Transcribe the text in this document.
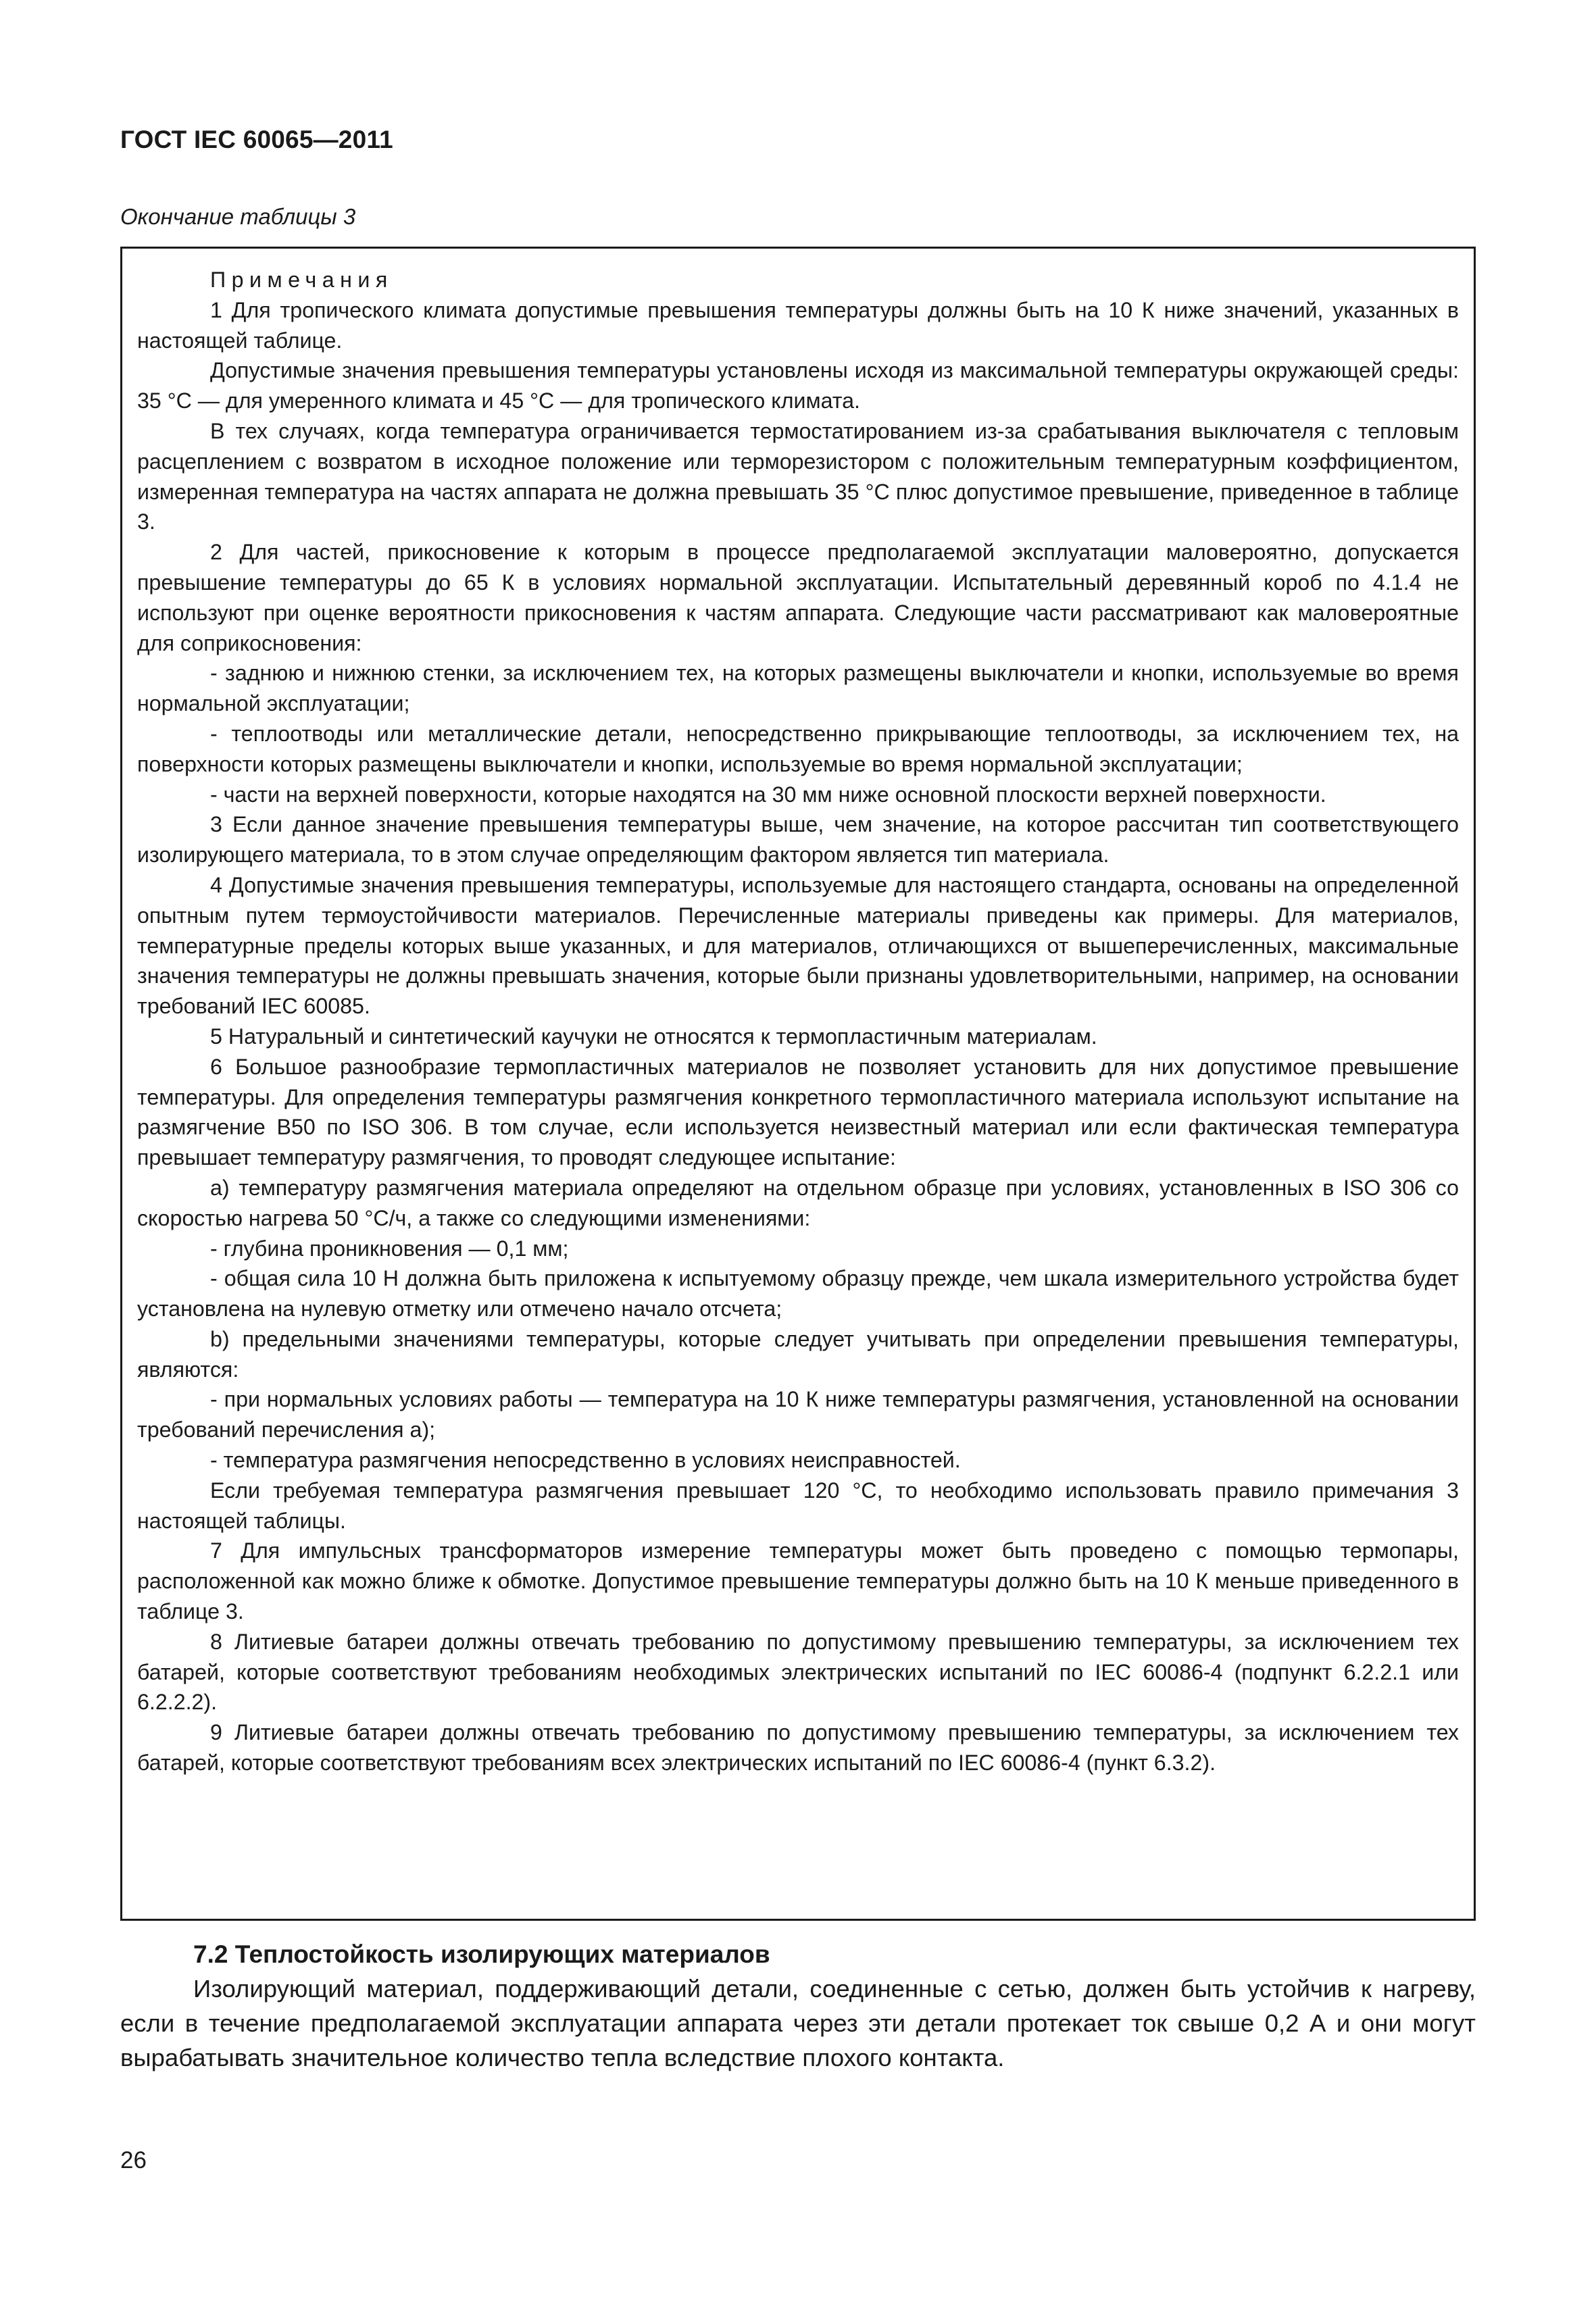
ГОСТ IEC 60065—2011
Окончание таблицы 3

Примечания

1 Для тропического климата допустимые превышения температуры должны быть на 10 К ниже значений, указанных в настоящей таблице.

Допустимые значения превышения температуры установлены исходя из максимальной температуры окружающей среды: 35 °С — для умеренного климата и 45 °С — для тропического климата.

В тех случаях, когда температура ограничивается термостатированием из-за срабатывания выключателя с тепловым расцеплением с возвратом в исходное положение или терморезистором с положительным температурным коэффициентом, измеренная температура на частях аппарата не должна превышать 35 °С плюс допустимое превышение, приведенное в таблице 3.

2 Для частей, прикосновение к которым в процессе предполагаемой эксплуатации маловероятно, допускается превышение температуры до 65 К в условиях нормальной эксплуатации. Испытательный деревянный короб по 4.1.4 не используют при оценке вероятности прикосновения к частям аппарата. Следующие части рассматривают как маловероятные для соприкосновения:

- заднюю и нижнюю стенки, за исключением тех, на которых размещены выключатели и кнопки, используемые во время нормальной эксплуатации;

- теплоотводы или металлические детали, непосредственно прикрывающие теплоотводы, за исключением тех, на поверхности которых размещены выключатели и кнопки, используемые во время нормальной эксплуатации;

- части на верхней поверхности, которые находятся на 30 мм ниже основной плоскости верхней поверхности.

3 Если данное значение превышения температуры выше, чем значение, на которое рассчитан тип соответствующего изолирующего материала, то в этом случае определяющим фактором является тип материала.

4 Допустимые значения превышения температуры, используемые для настоящего стандарта, основаны на определенной опытным путем термоустойчивости материалов. Перечисленные материалы приведены как примеры. Для материалов, температурные пределы которых выше указанных, и для материалов, отличающихся от вышеперечисленных, максимальные значения температуры не должны превышать значения, которые были признаны удовлетворительными, например, на основании требований IEC 60085.

5 Натуральный и синтетический каучуки не относятся к термопластичным материалам.

6 Большое разнообразие термопластичных материалов не позволяет установить для них допустимое превышение температуры. Для определения температуры размягчения конкретного термопластичного материала используют испытание на размягчение В50 по ISO 306. В том случае, если используется неизвестный материал или если фактическая температура превышает температуру размягчения, то проводят следующее испытание:

a) температуру размягчения материала определяют на отдельном образце при условиях, установленных в ISO 306 со скоростью нагрева 50 °С/ч, а также со следующими изменениями:

- глубина проникновения — 0,1 мм;

- общая сила 10 Н должна быть приложена к испытуемому образцу прежде, чем шкала измерительного устройства будет установлена на нулевую отметку или отмечено начало отсчета;

b) предельными значениями температуры, которые следует учитывать при определении превышения температуры, являются:

- при нормальных условиях работы — температура на 10 К ниже температуры размягчения, установленной на основании требований перечисления а);

- температура размягчения непосредственно в условиях неисправностей.

Если требуемая температура размягчения превышает 120 °С, то необходимо использовать правило примечания 3 настоящей таблицы.

7 Для импульсных трансформаторов измерение температуры может быть проведено с помощью термопары, расположенной как можно ближе к обмотке. Допустимое превышение температуры должно быть на 10 К меньше приведенного в таблице 3.

8 Литиевые батареи должны отвечать требованию по допустимому превышению температуры, за исключением тех батарей, которые соответствуют требованиям необходимых электрических испытаний по IEC 60086-4 (подпункт 6.2.2.1 или 6.2.2.2).

9 Литиевые батареи должны отвечать требованию по допустимому превышению температуры, за исключением тех батарей, которые соответствуют требованиям всех электрических испытаний по IEC 60086-4 (пункт 6.3.2).

7.2 Теплостойкость изолирующих материалов

Изолирующий материал, поддерживающий детали, соединенные с сетью, должен быть устойчив к нагреву, если в течение предполагаемой эксплуатации аппарата через эти детали протекает ток свыше 0,2 А и они могут вырабатывать значительное количество тепла вследствие плохого контакта.

26
